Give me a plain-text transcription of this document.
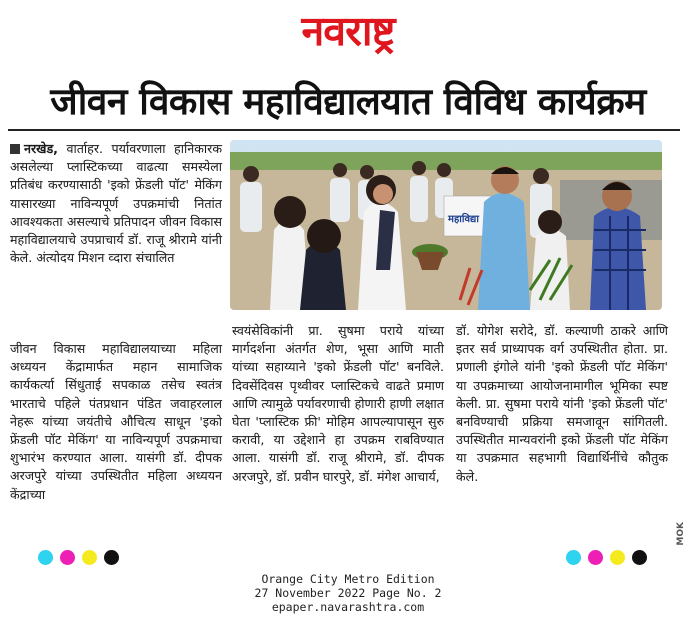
नवराष्ट्र
जीवन विकास महाविद्यालयात विविध कार्यक्रम

नरखेड, वार्ताहर. पर्यावरणाला हानिकारक असलेल्या प्लास्टिकच्या वाढत्या समस्येला प्रतिबंध करण्यासाठी 'इको फ्रेंडली पॉट' मेकिंग यासारख्या नाविन्यपूर्ण उपक्रमांची नितांत आवश्यकता असल्याचे प्रतिपादन जीवन विकास महाविद्यालयाचे उपप्राचार्य डॉ. राजू श्रीरामे यांनी केले. अंत्योदय मिशन व्दारा संचालित

जीवन विकास महाविद्यालयाच्या महिला अध्ययन केंद्रामार्फत महान सामाजिक कार्यकर्त्या सिंधुताई सपकाळ तसेच स्वतंत्र भारताचे पहिले पंतप्रधान पंडित जवाहरलाल नेहरू यांच्या जयंतीचे औचित्य साधून 'इको फ्रेंडली पॉट मेकिंग' या नाविन्यपूर्ण उपक्रमाचा शुभारंभ करण्यात आला. यासंगी डॉ. दीपक अरजपुरे यांच्या उपस्थितीत महिला अध्ययन केंद्राच्या

महाविद्या

स्वयंसेविकांनी प्रा. सुषमा पराये यांच्या मार्गदर्शना अंतर्गत शेण, भूसा आणि माती यांच्या सहाय्याने 'इको फ्रेंडली पॉट' बनविले. दिवसेंदिवस पृथ्वीवर प्लास्टिकचे वाढते प्रमाण आणि त्यामुळे पर्यावरणाची होणारी हाणी लक्षात घेता 'प्लास्टिक फ्री' मोहिम आपल्यापासून सुरु करावी, या उद्देशाने हा उपक्रम राबविण्यात आला. यासंगी डॉ. राजू श्रीरामे, डॉ. दीपक अरजपुरे, डॉ. प्रवीन घारपुरे, डॉ. मंगेश आचार्य,

डॉ. योगेश सरोदे, डॉ. कल्याणी ठाकरे आणि इतर सर्व प्राध्यापक वर्ग उपस्थितीत होता. प्रा. प्रणाली इंगोले यांनी 'इको फ्रेंडली पॉट मेकिंग' या उपक्रमाच्या आयोजनामागील भूमिका स्पष्ट केली. प्रा. सुषमा पराये यांनी 'इको फ्रेंडली पॉट' बनविण्याची प्रक्रिया समजावून सांगितली. उपस्थितीत मान्यवरांनी इको फ्रेंडली पॉट मेकिंग या उपक्रमात सहभागी विद्यार्थिनींचे कौतुक केले.

MOK
Orange City Metro Edition
27 November 2022 Page No. 2
epaper.navarashtra.com
